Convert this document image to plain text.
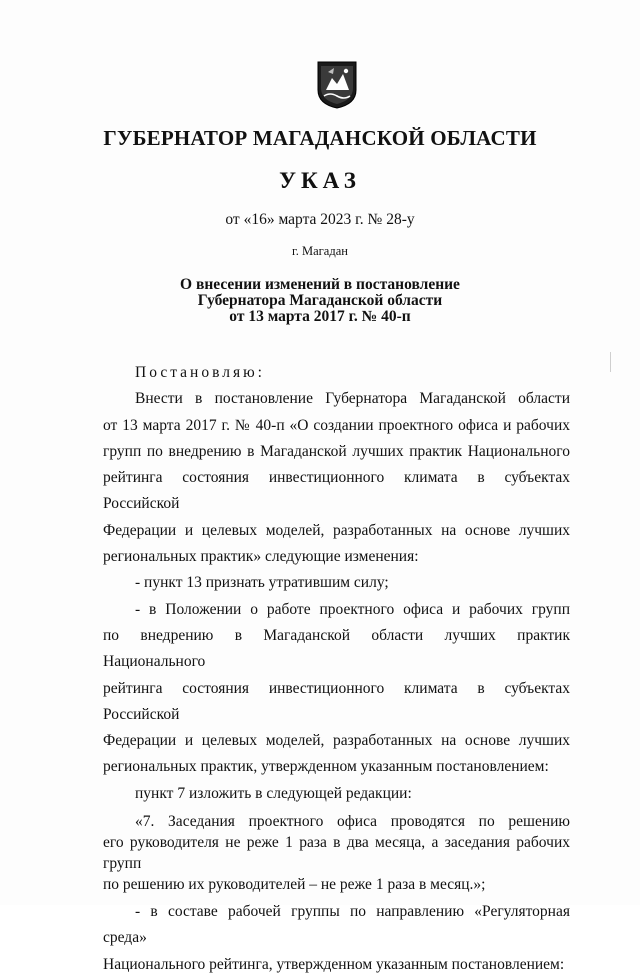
ГУБЕРНАТОР МАГАДАНСКОЙ ОБЛАСТИ
УКАЗ
от «16» марта 2023 г. № 28-у
г. Магадан
О внесении изменений в постановление
Губернатора Магаданской области
от 13 марта 2017 г. № 40-п
Постановляю:
Внести в постановление Губернатора Магаданской области
от 13 марта 2017 г. № 40-п «О создании проектного офиса и рабочих
групп по внедрению в Магаданской лучших практик Национального
рейтинга состояния инвестиционного климата в субъектах Российской
Федерации и целевых моделей, разработанных на основе лучших
региональных практик» следующие изменения:
- пункт 13 признать утратившим силу;
- в Положении о работе проектного офиса и рабочих групп
по внедрению в Магаданской области лучших практик Национального
рейтинга состояния инвестиционного климата в субъектах Российской
Федерации и целевых моделей, разработанных на основе лучших
региональных практик, утвержденном указанным постановлением:
пункт 7 изложить в следующей редакции:
«7. Заседания проектного офиса проводятся по решению
его руководителя не реже 1 раза в два месяца, а заседания рабочих групп
по решению их руководителей – не реже 1 раза в месяц.»;
- в составе рабочей группы по направлению «Регуляторная среда»
Национального рейтинга, утвержденном указанным постановлением:
